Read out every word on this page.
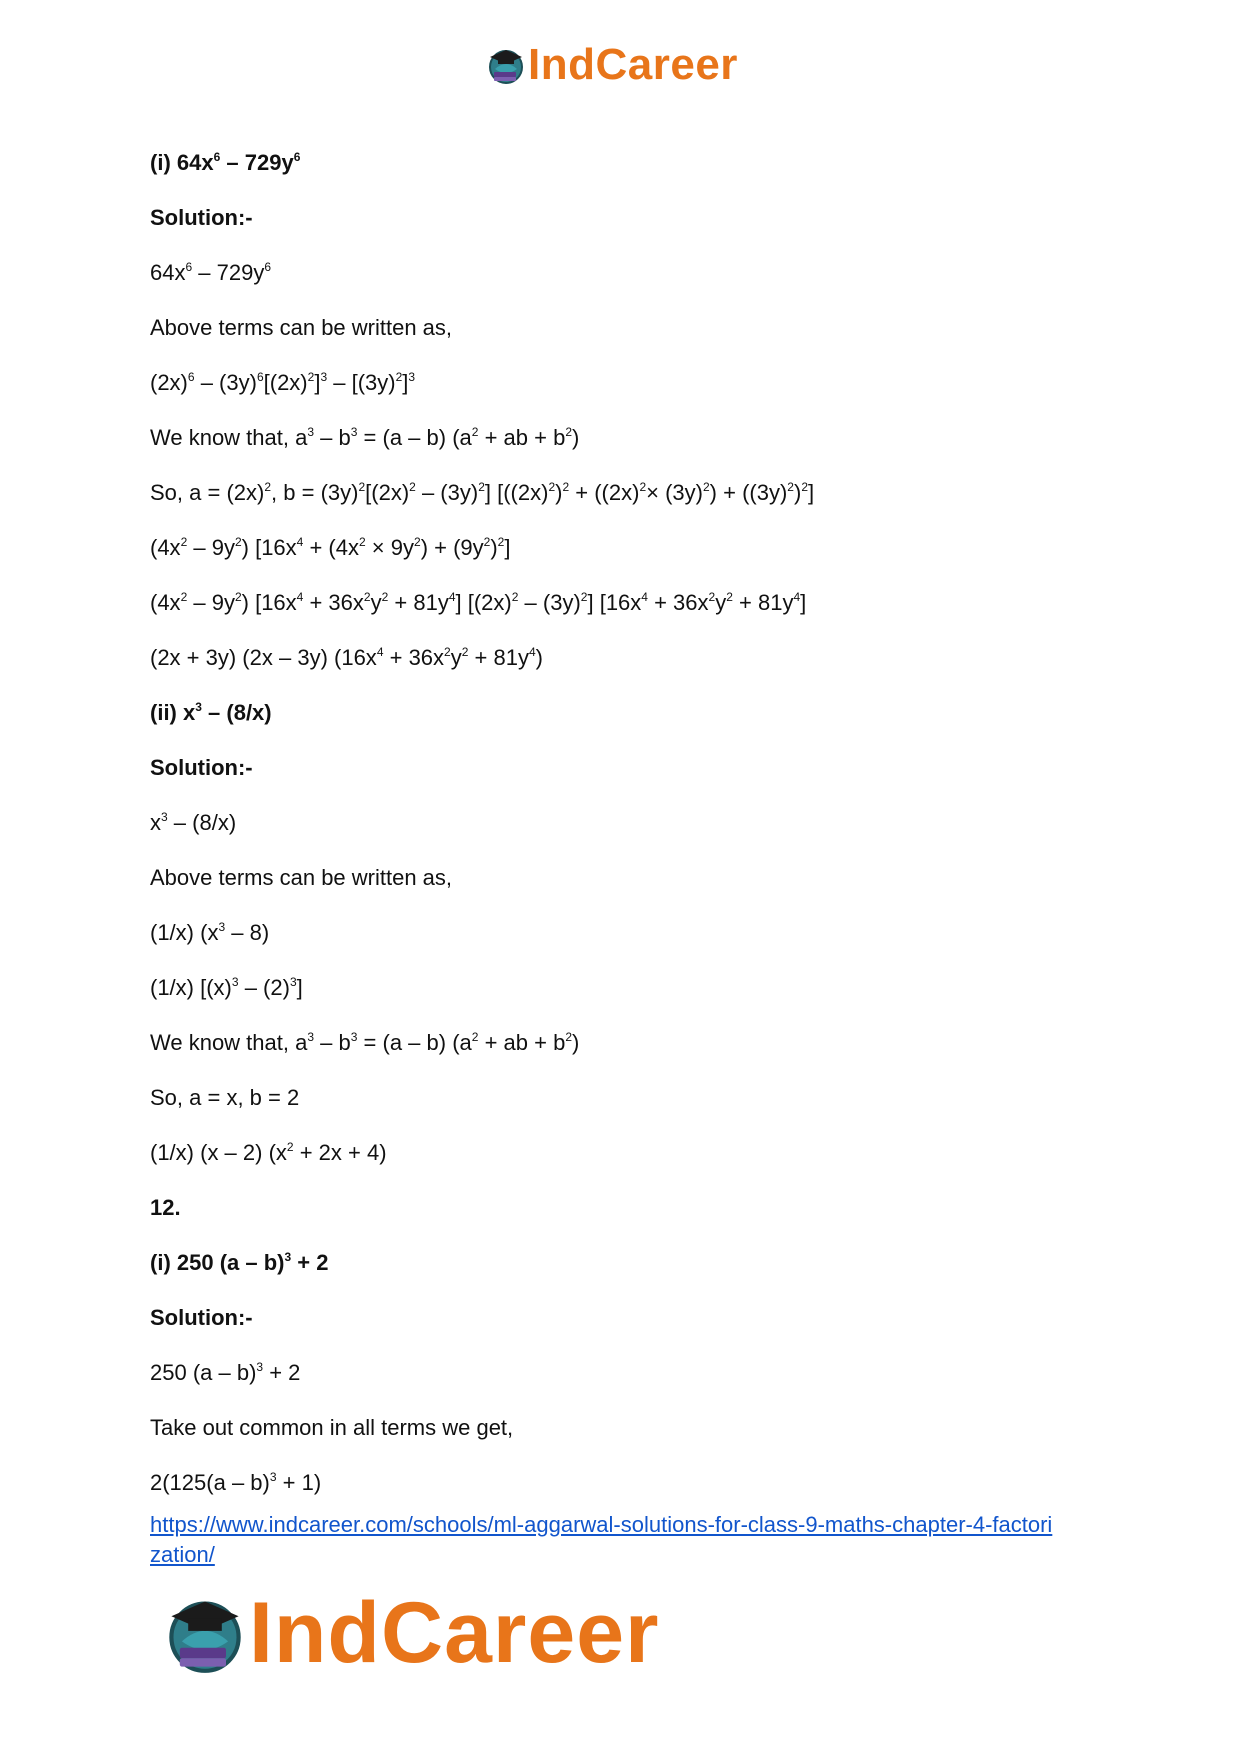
IndCareer
(i) $64x^6 - 729y^6$
Solution:-
$64x^6 - 729y^6$
Above terms can be written as,
$(2x)^6 - (3y)^6[(2x)^2]^3 - [(3y)^2]^3$
We know that, $a^3 - b^3 = (a - b) (a^2$ + ab + $b^2$)
So, $a = (2x)^2$, $b = (3y)^2[(2x)^2 - (3y)^2] [((2x)^2)^2 + ((2x)^2\times (3y)^2) + ((3y)^2)^2]$
$(4x^2 - 9y^2) [16x^4 + (4x^2 \times 9y^2) + (9y^2)^2]$
$(4x^2 - 9y^2) [16x^4 + 36x^2y^2 + 81y^4]$ $[(2x)^2 - (3y)^2] [16x^4 + 36x^2y^2 + 81y^4]$
(2x + 3y) (2x – 3y) $(16x^4 + 36x^2y^2 + 81y^4)$
(ii) $x^3 - (8/x)$
Solution:-
$x^3 - (8/x)$
Above terms can be written as,
(1/x) $(x^3 - 8)$
(1/x) $[(x)^3 - (2)^3]$
We know that, $a^3 - b^3 = (a - b) (a^2$ + ab + $b^2$)
So, a = x, b = 2
(1/x) (x – 2) $(x^2 + 2x + 4)$
12.
(i) 250 (a – b)$^3$ + 2
Solution:-
250 (a – b)$^3$ + 2
Take out common in all terms we get,
2(125(a – b)$^3$ + 1)
https://www.indcareer.com/schools/ml-aggarwal-solutions-for-class-9-maths-chapter-4-factori
zation/
IndCareer
